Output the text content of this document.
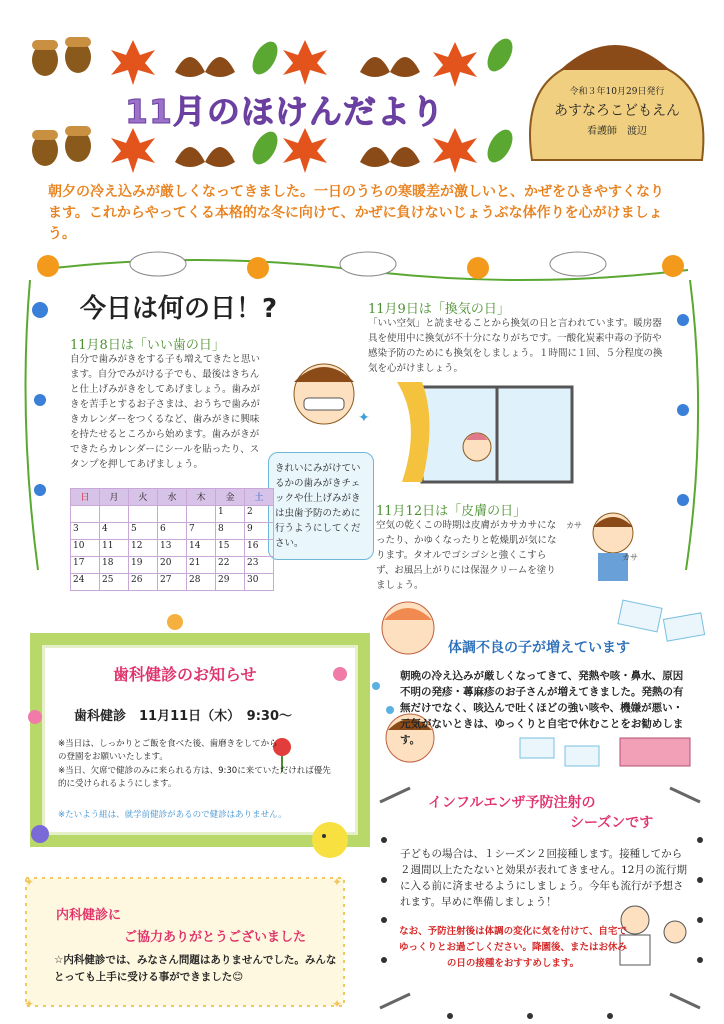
11月のほけんだより	令和３年10月29日発行
あすなろこどもえん
看護師　渡辺
朝夕の冷え込みが厳しくなってきました。一日のうちの寒暖差が激しいと、かぜをひきやすくなります。これからやってくる本格的な冬に向けて、かぜに負けないじょうぶな体作りを心がけましょう。
今日は何の日！?
11月8日は「いい歯の日」
自分で歯みがきをする子も増えてきたと思います。自分でみがける子でも、最後はきちんと仕上げみがきをしてあげましょう。歯みがきを苦手とするお子さまは、おうちで歯みがきカレンダーをつくるなど、歯みがきに興味を持たせるところから始めます。歯みがきができたらカレンダーにシールを貼ったり、スタンプを押してあげましょう。
✦
きれいにみがけているかの歯みがきチェックや仕上げみがきは虫歯予防のために行うようにしてください。
日	月	火	水	木	金	土
					1	2
3	4	5	6	7	8	9
10	11	12	13	14	15	16
17	18	19	20	21	22	23
24	25	26	27	28	29	30
11月9日は「換気の日」
「いい空気」と読ませることから換気の日と言われています。暖房器具を使用中に換気が不十分になりがちです。一酸化炭素中毒の予防や感染予防のためにも換気をしましょう。１時間に１回、５分程度の換気を心がけましょう。
11月12日は「皮膚の日」
空気の乾くこの時期は皮膚がカサカサになったり、かゆくなったりと乾燥肌が気になります。タオルでゴシゴシと強くこすらず、お風呂上がりには保湿クリームを塗りましょう。
カサ
カサ
歯科健診のお知らせ
歯科健診　11月11日（木）　9:30～
※当日は、しっかりとご飯を食べた後、歯磨きをしてからの登園をお願いいたします。
※当日、欠席で健診のみに来られる方は、9:30に来ていただければ優先的に受けられるようにします。
※たいよう組は、就学前健診があるので健診はありません。
✦	✦
✦	✦
内科健診に
ご協力ありがとうございました
☆内科健診では、みなさん問題はありませんでした。みんなとっても上手に受ける事ができました😊
体調不良の子が増えています
朝晩の冷え込みが厳しくなってきて、発熱や咳・鼻水、原因不明の発疹・蕁麻疹のお子さんが増えてきました。発熱の有無だけでなく、咳込んで吐くほどの強い咳や、機嫌が悪い・元気がないときは、ゆっくりと自宅で休むことをお勧めします。
インフルエンザ予防注射の
シーズンです
子どもの場合は、１シーズン２回接種します。接種してから２週間以上たたないと効果が表れてきません。12月の流行期に入る前に済ませるようにしましょう。今年も流行が予想されます。早めに準備しましょう！
なお、予防注射後は体調の変化に気を付けて、自宅でゆっくりとお過ごしください。降園後、またはお休みの日の接種をおすすめします。
